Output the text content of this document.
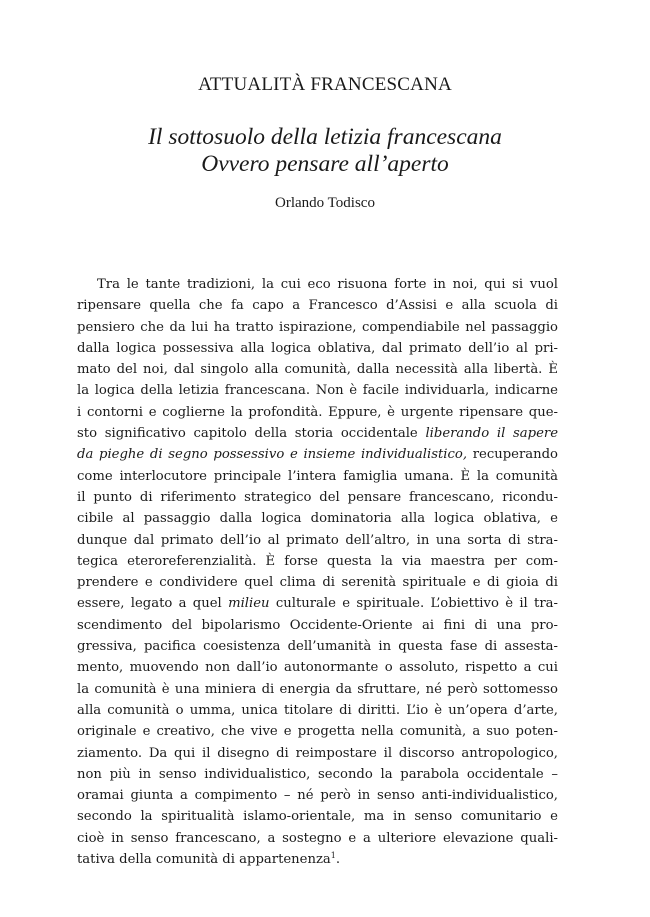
ATTUALITÀ FRANCESCANA
Il sottosuolo della letizia francescana
Ovvero pensare all’aperto

Orlando Todisco

Tra le tante tradizioni, la cui eco risuona forte in noi, qui si vuol
ripensare quella che fa capo a Francesco d’Assisi e alla scuola di
pensiero che da lui ha tratto ispirazione, compendiabile nel passaggio
dalla logica possessiva alla logica oblativa, dal primato dell’io al pri-
mato del noi, dal singolo alla comunità, dalla necessità alla libertà. È
la logica della letizia francescana. Non è facile individuarla, indicarne
i contorni e coglierne la profondità. Eppure, è urgente ripensare que-
sto significativo capitolo della storia occidentale liberando il sapere
da pieghe di segno possessivo e insieme individualistico, recuperando
come interlocutore principale l’intera famiglia umana. È la comunità
il punto di riferimento strategico del pensare francescano, ricondu-
cibile al passaggio dalla logica dominatoria alla logica oblativa, e
dunque dal primato dell’io al primato dell’altro, in una sorta di stra-
tegica eteroreferenzialità. È forse questa la via maestra per com-
prendere e condividere quel clima di serenità spirituale e di gioia di
essere, legato a quel milieu culturale e spirituale. L’obiettivo è il tra-
scendimento del bipolarismo Occidente-Oriente ai fini di una pro-
gressiva, pacifica coesistenza dell’umanità in questa fase di assesta-
mento, muovendo non dall’io autonormante o assoluto, rispetto a cui
la comunità è una miniera di energia da sfruttare, né però sottomesso
alla comunità o umma, unica titolare di diritti. L’io è un’opera d’arte,
originale e creativo, che vive e progetta nella comunità, a suo poten-
ziamento. Da qui il disegno di reimpostare il discorso antropologico,
non più in senso individualistico, secondo la parabola occidentale –
oramai giunta a compimento – né però in senso anti-individualistico,
secondo la spiritualità islamo-orientale, ma in senso comunitario e
cioè in senso francescano, a sostegno e a ulteriore elevazione quali-
tativa della comunità di appartenenza$^1$.
